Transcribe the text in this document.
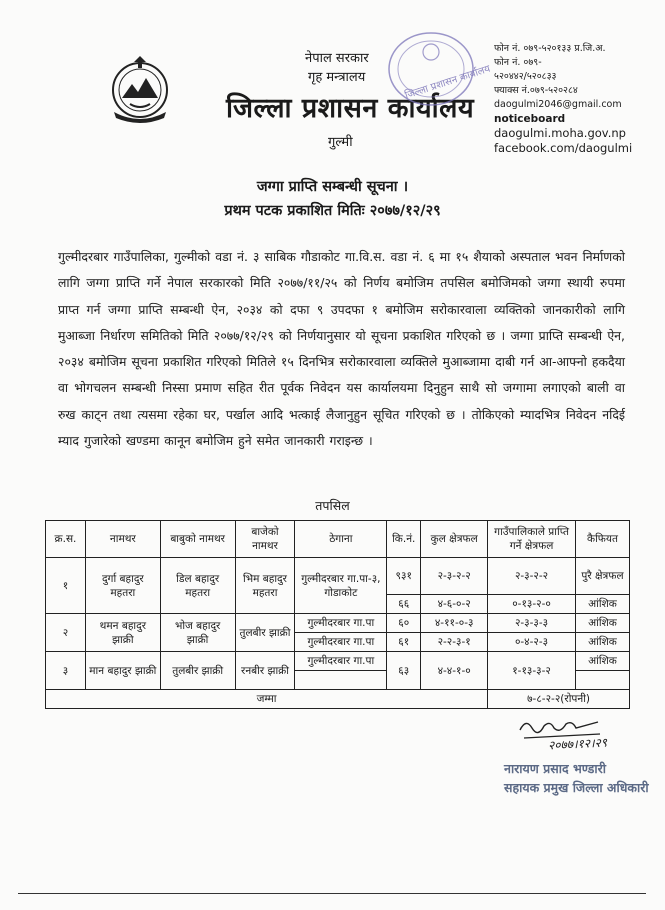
नेपाल सरकार
गृह मन्त्रालय
जिल्ला प्रशासन कार्यालय
गुल्मी
जिल्ला प्रशासन कार्यालय
फोन नं. ०७९-५२०१३३ प्र.जि.अ.
फोन नं. ०७९-
५२०४४२/५२०८३३
फ्याक्स नं.०७९-५२०२८४
daogulmi2046@gmail.com
noticeboard
daogulmi.moha.gov.np
facebook.com/daogulmi
जग्गा प्राप्ति सम्बन्धी सूचना ।
प्रथम पटक प्रकाशित मितिः २०७७/१२/२९
गुल्मीदरबार गाउँपालिका, गुल्मीको वडा नं. ३ साबिक गौडाकोट गा.वि.स. वडा नं. ६ मा १५ शैयाको अस्पताल भवन निर्माणको लागि जग्गा प्राप्ति गर्ने नेपाल सरकारको मिति २०७७/११/२५ को निर्णय बमोजिम तपसिल बमोजिमको जग्गा स्थायी रुपमा प्राप्त गर्न जग्गा प्राप्ति सम्बन्धी ऐन, २०३४ को दफा ९ उपदफा १ बमोजिम सरोकारवाला व्यक्तिको जानकारीको लागि मुआब्जा निर्धारण समितिको मिति २०७७/१२/२९ को निर्णयानुसार यो सूचना प्रकाशित गरिएको छ । जग्गा प्राप्ति सम्बन्धी ऐन, २०३४ बमोजिम सूचना प्रकाशित गरिएको मितिले १५ दिनभित्र सरोकारवाला व्यक्तिले मुआब्जामा दाबी गर्न आ-आफ्नो हकदैया वा भोगचलन सम्बन्धी निस्सा प्रमाण सहित रीत पूर्वक निवेदन यस कार्यालयमा दिनुहुन साथै सो जग्गामा लगाएको बाली वा रुख काट्न तथा त्यसमा रहेका घर, पर्खाल आदि भत्काई लैजानुहुन सूचित गरिएको छ । तोकिएको म्यादभित्र निवेदन नदिई म्याद गुजारेको खण्डमा कानून बमोजिम हुने समेत जानकारी गराइन्छ ।
तपसिल
क्र.स.	नामथर	बाबुको नामथर	बाजेको नामथर	ठेगाना	कि.नं.	कुल क्षेत्रफल	गाउँपालिकाले प्राप्ति गर्ने क्षेत्रफल	कैफियत
१	दुर्गा बहादुर महतरा	डिल बहादुर महतरा	भिम बहादुर महतरा	गुल्मीदरबार गा.पा-३, गोडाकोट	९३१	२-३-२-२	२-३-२-२	पुरै क्षेत्रफल
					६६	४-६-०-२	०-१३-२-०	आंशिक
२	थमन बहादुर झाक्री	भोज बहादुर झाक्री	तुलबीर झाक्री	गुल्मीदरबार गा.पा	६०	४-११-०-३	२-३-३-३	आंशिक
				गुल्मीदरबार गा.पा	६१	२-२-३-१	०-४-२-३	आंशिक
३	मान बहादुर झाक्री	तुलबीर झाक्री	रनबीर झाक्री	गुल्मीदरबार गा.पा	६३	४-४-१-०	१-१३-३-२	आंशिक

जम्मा							७-८-२-२(रोपनी)	
२०७७।१२।२९
नारायण प्रसाद भण्डारी
सहायक प्रमुख जिल्ला अधिकारी
